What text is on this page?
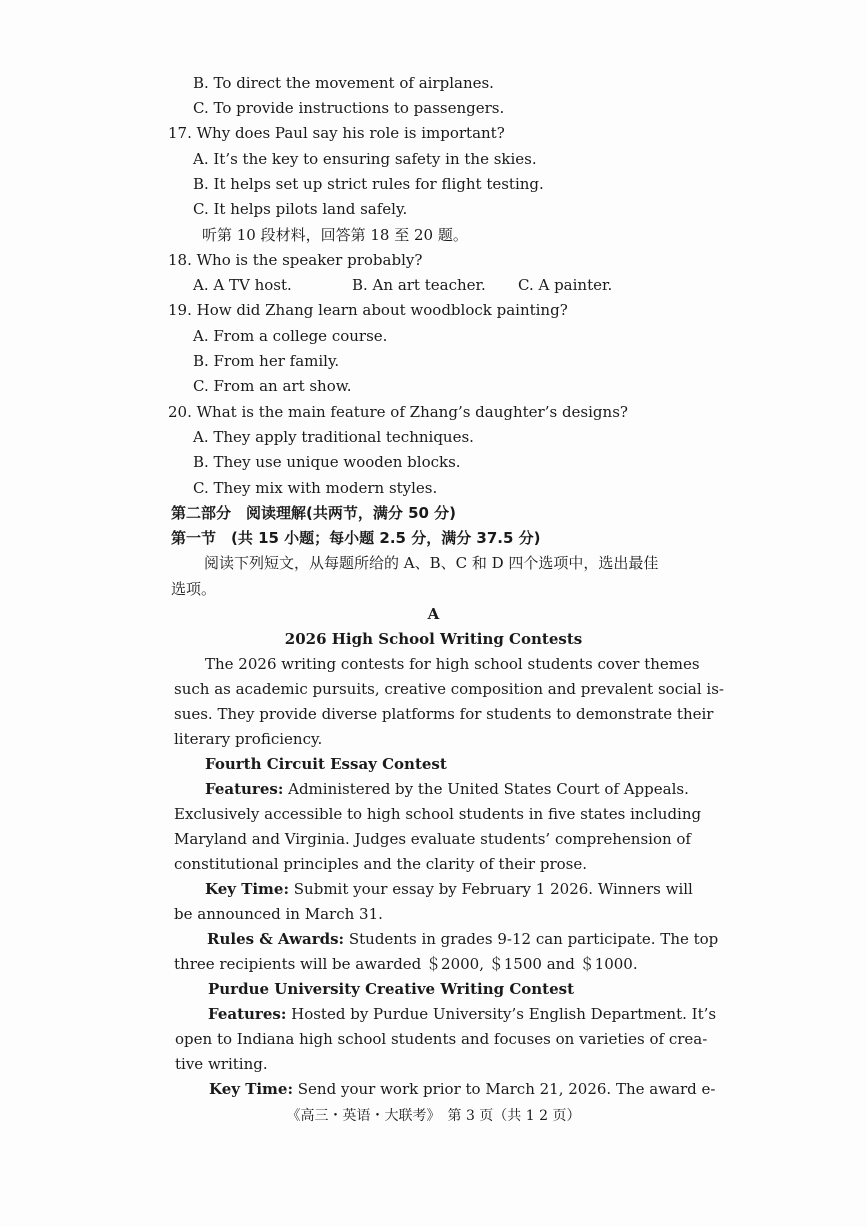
B. To direct the movement of airplanes.
C. To provide instructions to passengers.
17. Why does Paul say his role is important?
A. It’s the key to ensuring safety in the skies.
B. It helps set up strict rules for flight testing.
C. It helps pilots land safely.
听第 10 段材料，回答第 18 至 20 题。
18. Who is the speaker probably?
A. A TV host.	B. An art teacher. C. A painter.
19. How did Zhang learn about woodblock painting?
A. From a college course.
B. From her family.
C. From an art show.
20. What is the main feature of Zhang’s daughter’s designs?
A. They apply traditional techniques.
B. They use unique wooden blocks.
C. They mix with modern styles.
第二部分　阅读理解(共两节，满分 50 分)
第一节　(共 15 小题；每小题 2.5 分，满分 37.5 分)
阅读下列短文，从每题所给的 A、B、C 和 D 四个选项中，选出最佳
选项。
A
2026 High School Writing Contests
The 2026 writing contests for high school students cover themes
such as academic pursuits, creative composition and prevalent social is-
sues. They provide diverse platforms for students to demonstrate their
literary proficiency.
Fourth Circuit Essay Contest
Features: Administered by the United States Court of Appeals.
Exclusively accessible to high school students in five states including
Maryland and Virginia. Judges evaluate students’ comprehension of
constitutional principles and the clarity of their prose.
Key Time: Submit your essay by February 1 2026. Winners will
be announced in March 31.
Rules & Awards: Students in grades 9-12 can participate. The top
three recipients will be awarded ＄2000, ＄1500 and ＄1000.
Purdue University Creative Writing Contest
Features: Hosted by Purdue University’s English Department. It’s
open to Indiana high school students and focuses on varieties of crea-
tive writing.
Key Time: Send your work prior to March 21, 2026. The award e-
《高三・英语・大联考》　第 3 页（共 1 2 页）
